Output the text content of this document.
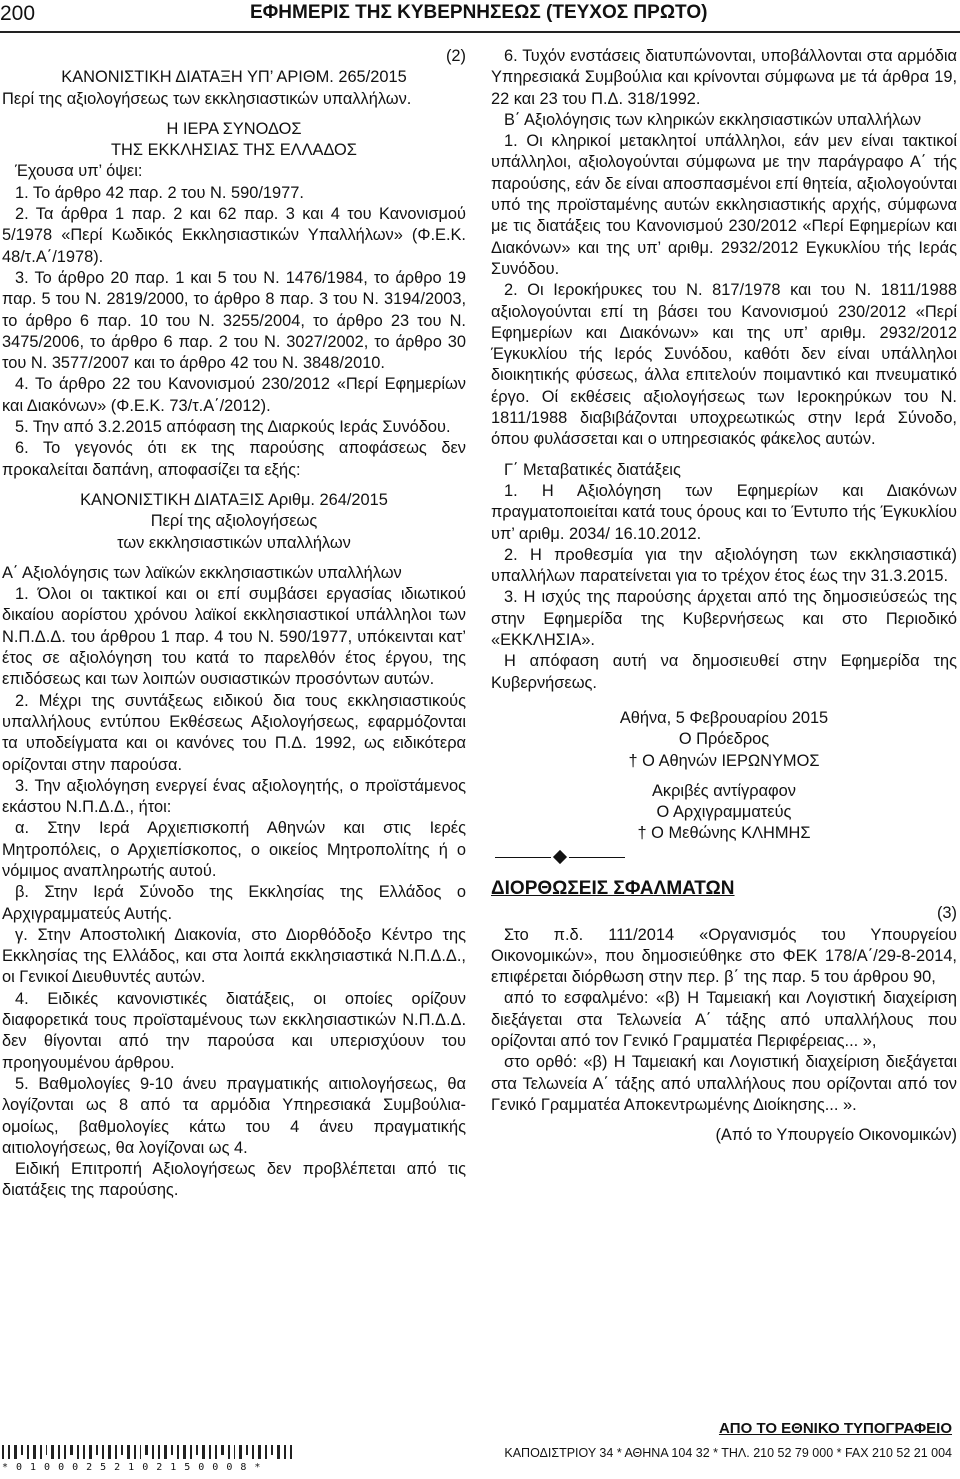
200	ΕΦΗΜΕΡΙΣ ΤΗΣ ΚΥΒΕΡΝΗΣΕΩΣ (ΤΕΥΧΟΣ ΠΡΩΤΟ)

(2)

ΚΑΝΟΝΙΣΤΙΚΗ ΔΙΑΤΑΞΗ ΥΠ’ ΑΡΙΘΜ. 265/2015

Περί της αξιολογήσεως των εκκλησιαστικών υπαλλήλων.

Η ΙΕΡΑ ΣΥΝΟΔΟΣ

ΤΗΣ ΕΚΚΛΗΣΙΑΣ ΤΗΣ ΕΛΛΑΔΟΣ

Έχουσα υπ’ όψει:

1. Το άρθρο 42 παρ. 2 του Ν. 590/1977.

2. Τα άρθρα 1 παρ. 2 και 62 παρ. 3 και 4 του Κανονισμού 5/1978 «Περί Κωδικός Εκκλησιαστικών Υπαλλήλων» (Φ.Ε.Κ. 48/τ.Α΄/1978).

3. Το άρθρο 20 παρ. 1 και 5 του Ν. 1476/1984, το άρθρο 19 παρ. 5 του Ν. 2819/2000, το άρθρο 8 παρ. 3 του Ν. 3194/2003, το άρθρο 6 παρ. 10 του Ν. 3255/2004, το άρθρο 23 του Ν. 3475/2006, το άρθρο 6 παρ. 2 του Ν. 3027/2002, το άρθρο 30 του Ν. 3577/2007 και το άρθρο 42 του Ν. 3848/2010.

4. Το άρθρο 22 του Κανονισμού 230/2012 «Περί Εφημερίων και Διακόνων» (Φ.Ε.Κ. 73/τ.Α΄/2012).

5. Την από 3.2.2015 απόφαση της Διαρκούς Ιεράς Συνόδου.

6. Το γεγονός ότι εκ της παρούσης αποφάσεως δεν προκαλείται δαπάνη, αποφασίζει τα εξής:

ΚΑΝΟΝΙΣΤΙΚΗ ΔΙΑΤΑΞΙΣ Αριθμ. 264/2015

Περί της αξιολογήσεως

των εκκλησιαστικών υπαλλήλων

Α΄ Αξιολόγησις των λαϊκών εκκλησιαστικών υπαλλήλων

1. Όλοι οι τακτικοί και οι επί συμβάσει εργασίας ιδιωτικού δικαίου αορίστου χρόνου λαϊκοί εκκλησιαστικοί υπάλληλοι των Ν.Π.Δ.Δ. του άρθρου 1 παρ. 4 του Ν. 590/1977, υπόκεινται κατ’ έτος σε αξιολόγηση του κατά το παρελθόν έτος έργου, της επιδόσεως και των λοιπών ουσιαστικών προσόντων αυτών.

2. Μέχρι της συντάξεως ειδικού δια τους εκκλησιαστικούς υπαλλήλους εντύπου Εκθέσεως Αξιολογήσεως, εφαρμόζονται τα υποδείγματα και οι κανόνες του Π.Δ. 1992, ως ειδικότερα ορίζονται στην παρούσα.

3. Την αξιολόγηση ενεργεί ένας αξιολογητής, ο προϊστάμενος εκάστου Ν.Π.Δ.Δ., ήτοι:

α. Στην Ιερά Αρχιεπισκοπή Αθηνών και στις Ιερές Μητροπόλεις, ο Αρχιεπίσκοπος, ο οικείος Μητροπολίτης ή ο νόμιμος αναπληρωτής αυτού.

β. Στην Ιερά Σύνοδο της Εκκλησίας της Ελλάδος ο Αρχιγραμματεύς Αυτής.

γ. Στην Αποστολική Διακονία, στο Διορθόδοξο Κέντρο της Εκκλησίας της Ελλάδος, και στα λοιπά εκκλησιαστικά Ν.Π.Δ.Δ., οι Γενικοί Διευθυντές αυτών.

4. Ειδικές κανονιστικές διατάξεις, οι οποίες ορίζουν διαφορετικά τους προϊσταμένους των εκκλησιαστικών Ν.Π.Δ.Δ. δεν θίγονται από την παρούσα και υπερισχύουν του προηγουμένου άρθρου.

5. Βαθμολογίες 9-10 άνευ πραγματικής αιτιολογήσεως, θα λογίζονται ως 8 από τα αρμόδια Υπηρεσιακά Συμβούλια- ομοίως, βαθμολογίες κάτω του 4 άνευ πραγματικής αιτιολογήσεως, θα λογίζοναι ως 4.

Ειδική Επιτροπή Αξιολογήσεως δεν προβλέπεται από τις διατάξεις της παρούσης.

6. Τυχόν ενστάσεις διατυπώνονται, υποβάλλονται στα αρμόδια Υπηρεσιακά Συμβούλια και κρίνονται σύμφωνα με τά άρθρα 19, 22 και 23 του Π.Δ. 318/1992.

Β΄ Αξιολόγησις των κληρικών εκκλησιαστικών υπαλλήλων

1. Οι κληρικοί μετακλητοί υπάλληλοι, εάν μεν είναι τακτικοί υπάλληλοι, αξιολογούνται σύμφωνα με την παράγραφο Α΄ τής παρούσης, εάν δε είναι αποσπασμένοι επί θητεία, αξιολογούνται υπό της προϊσταμένης αυτών εκκλησιαστικής αρχής, σύμφωνα με τις διατάξεις του Κανονισμού 230/2012 «Περί Εφημερίων και Διακόνων» και της υπ’ αριθμ. 2932/2012 Εγκυκλίου τής Ιεράς Συνόδου.

2. Οι Ιεροκήρυκες του Ν. 817/1978 και του Ν. 1811/1988 αξιολογούνται επί τη βάσει του Κανονισμού 230/2012 «Περί Εφημερίων και Διακόνων» και της υπ’ αριθμ. 2932/2012 Έγκυκλίου τής Ιερός Συνόδου, καθότι δεν είναι υπάλληλοι διοικητικής φύσεως, άλλα επιτελούν ποιμαντικό και πνευματικό έργο. Οί εκθέσεις αξιολογήσεως των Ιεροκηρύκων του Ν. 1811/1988 διαβιβάζονται υποχρεωτικώς στην Ιερά Σύνοδο, όπου φυλάσσεται και ο υπηρεσιακός φάκελος αυτών.

Γ΄ Μεταβατικές διατάξεις

1. Η Αξιολόγηση των Εφημερίων και Διακόνων πραγματοποιείται κατά τους όρους και το Έντυπο τής Έγκυκλίου υπ’ αριθμ. 2034/ 16.10.2012.

2. Η προθεσμία για την αξιολόγηση των εκκλησιαστικά) υπαλλήλων παρατείνεται για το τρέχον έτος έως την 31.3.2015.

3. Η ισχύς της παρούσης άρχεται από της δημοσιεύσεώς της στην Εφημερίδα της Κυβερνήσεως και στο Περιοδικό «ΕΚΚΛΗΣΙΑ».

Η απόφαση αυτή να δημοσιευθεί στην Εφημερίδα της Κυβερνήσεως.

Αθήνα, 5 Φεβρουαρίου 2015

Ο Πρόεδρος

† Ο Αθηνών ΙΕΡΩΝΥΜΟΣ

Ακριβές αντίγραφον

Ο Αρχιγραμματεύς

† Ο Μεθώνης ΚΛΗΜΗΣ

ΔΙΟΡΘΩΣΕΙΣ ΣΦΑΛΜΑΤΩΝ

(3)

Στο π.δ. 111/2014 «Οργανισμός του Υπουργείου Οικονομικών», που δημοσιεύθηκε στο ΦΕΚ 178/Α΄/29-8-2014, επιφέρεται διόρθωση στην περ. β΄ της παρ. 5 του άρθρου 90,

από το εσφαλμένο: «β) Η Ταμειακή και Λογιστική διαχείριση διεξάγεται στα Τελωνεία Α΄ τάξης από υπαλλήλους που ορίζονται από τον Γενικό Γραμματέα Περιφέρειας... »,

στο ορθό: «β) Η Ταμειακή και Λογιστική διαχείριση διεξάγεται στα Τελωνεία Α΄ τάξης από υπαλλήλους που ορίζονται από τον Γενικό Γραμματέα Αποκεντρωμένης Διοίκησης... ».

(Από το Υπουργείο Οικονομικών)

*01000252102150008*
ΑΠΟ ΤΟ ΕΘΝΙΚΟ ΤΥΠΟΓΡΑΦΕΙΟ
ΚΑΠΟΔΙΣΤΡΙΟΥ 34 * ΑΘΗΝΑ 104 32 * ΤΗΛ. 210 52 79 000 * FAX 210 52 21 004
